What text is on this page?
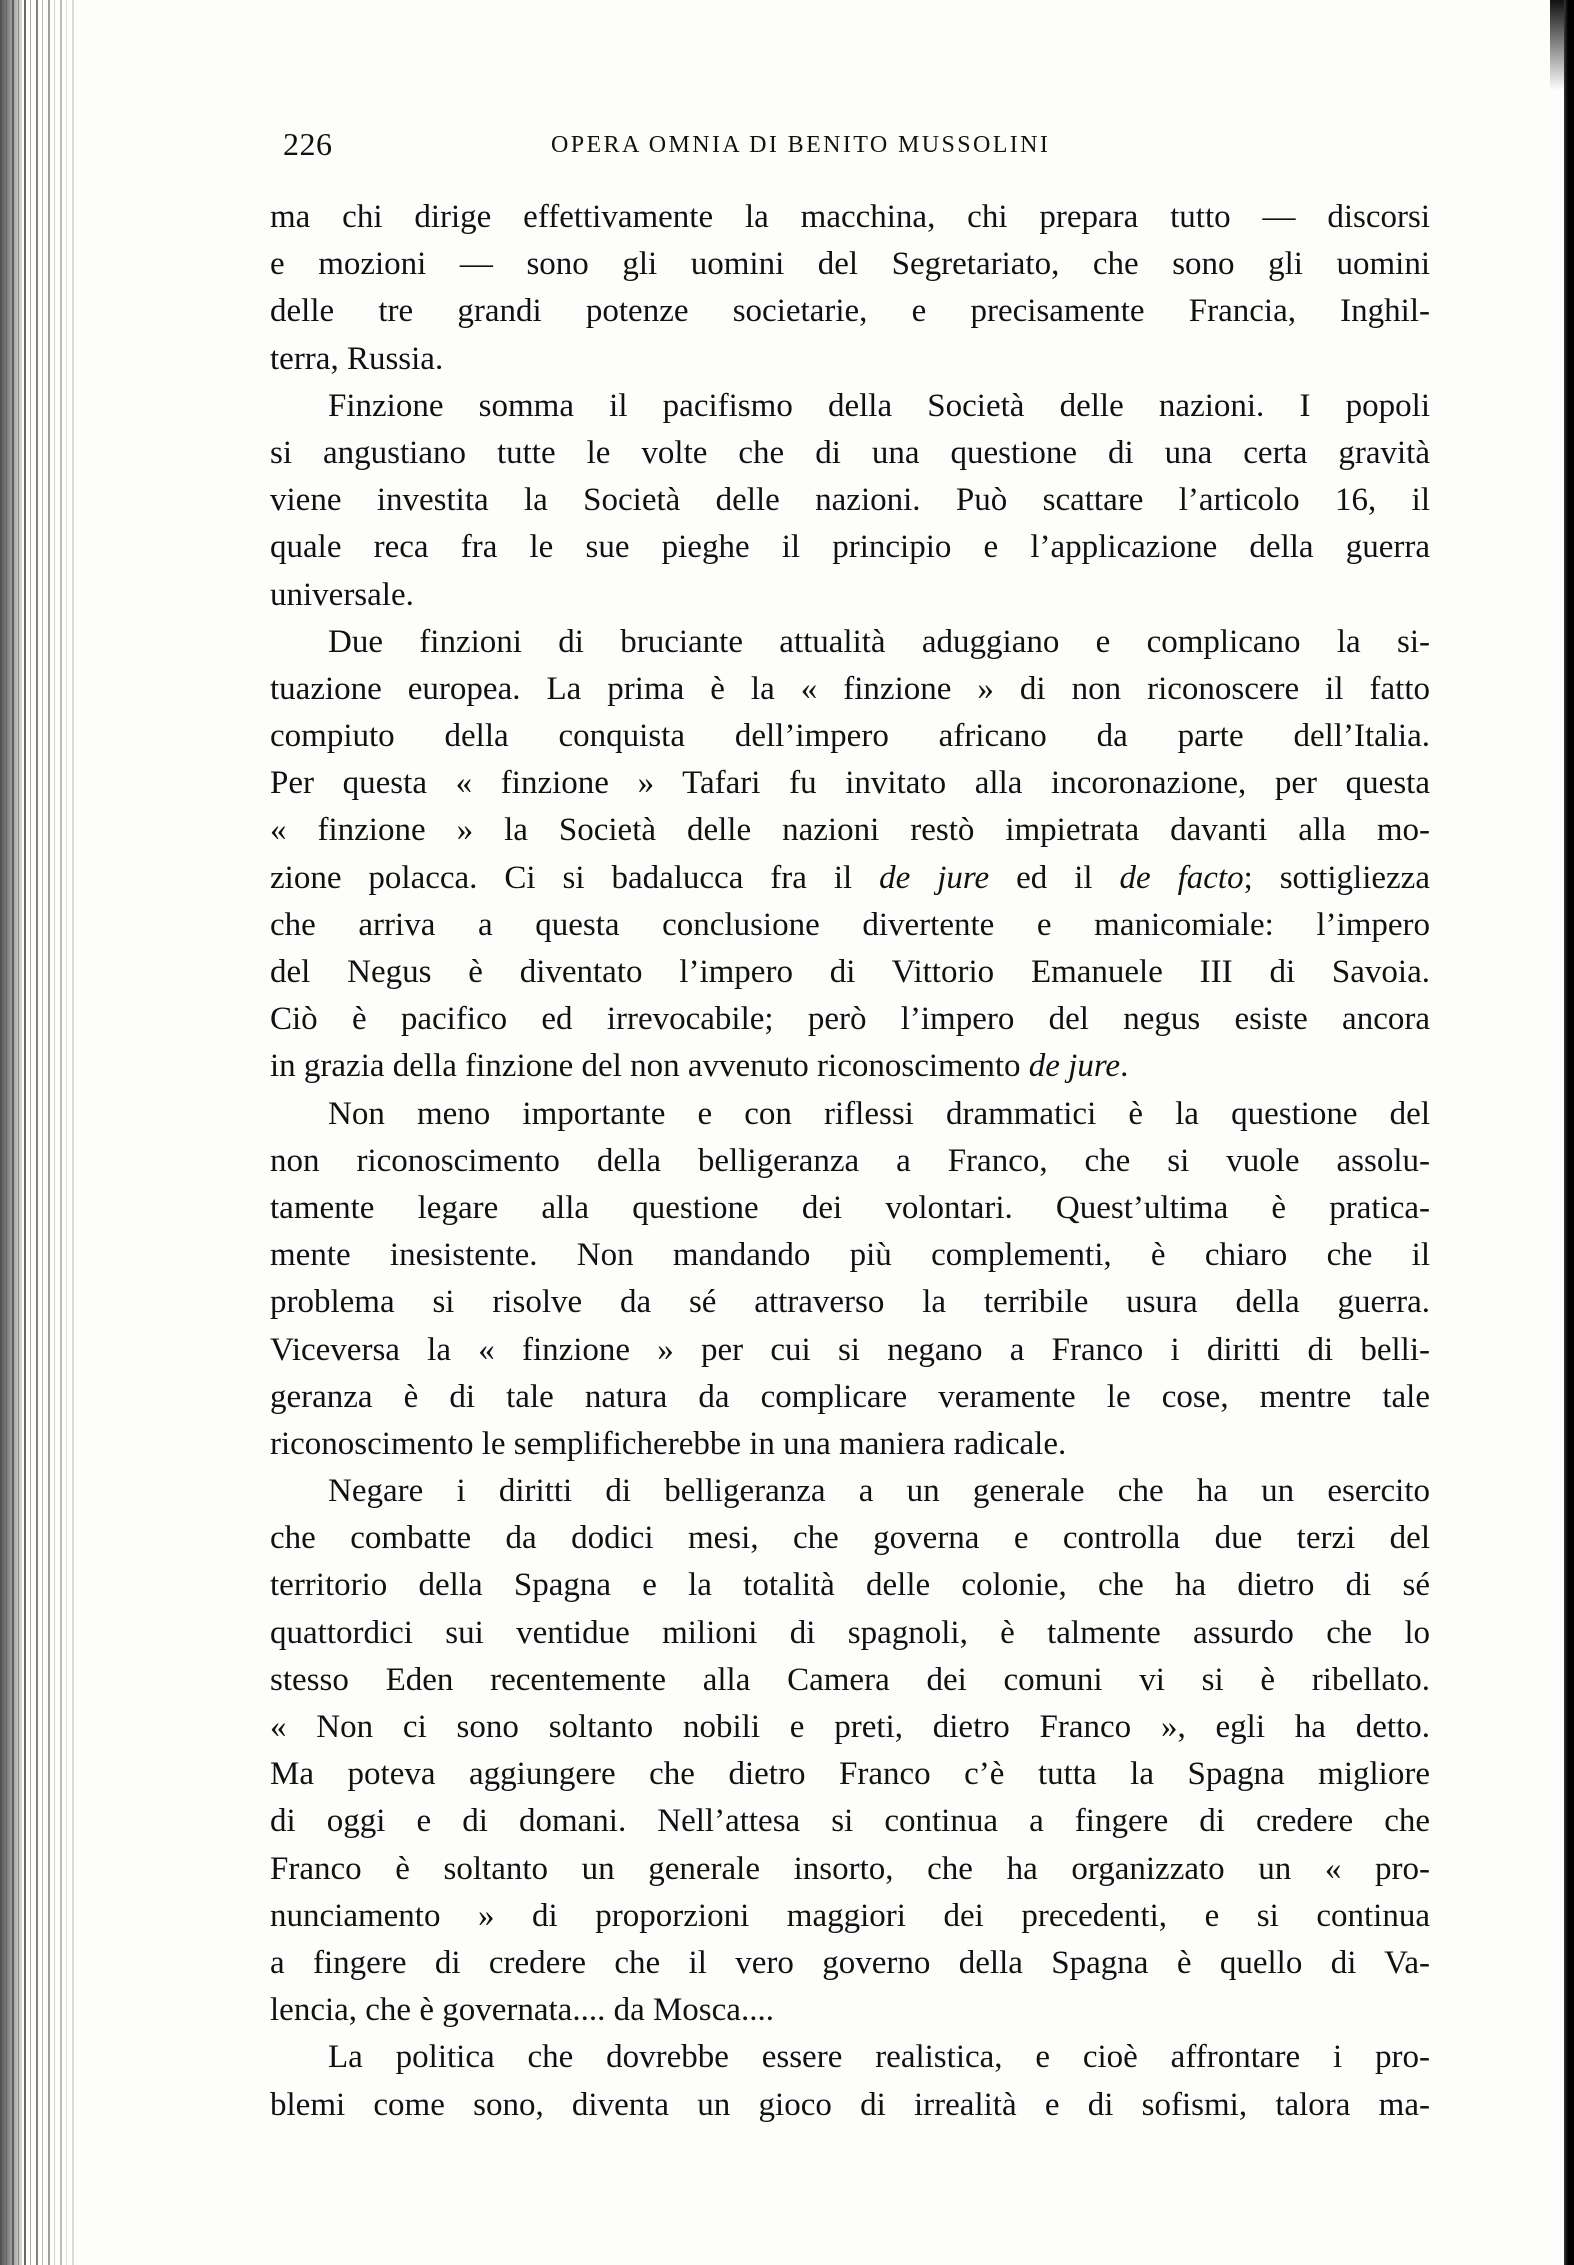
226	OPERA OMNIA DI BENITO MUSSOLINI
ma chi dirige effettivamente la macchina, chi prepara tutto — discorsi
e mozioni — sono gli uomini del Segretariato, che sono gli uomini
delle tre grandi potenze societarie, e precisamente Francia, Inghil-
terra, Russia.
Finzione somma il pacifismo della Società delle nazioni. I popoli
si angustiano tutte le volte che di una questione di una certa gravità
viene investita la Società delle nazioni. Può scattare l’articolo 16, il
quale reca fra le sue pieghe il principio e l’applicazione della guerra
universale.
Due finzioni di bruciante attualità aduggiano e complicano la si-
tuazione europea. La prima è la « finzione » di non riconoscere il fatto
compiuto della conquista dell’impero africano da parte dell’Italia.
Per questa « finzione » Tafari fu invitato alla incoronazione, per questa
« finzione » la Società delle nazioni restò impietrata davanti alla mo-
zione polacca. Ci si badalucca fra il de jure ed il de facto; sottigliezza
che arriva a questa conclusione divertente e manicomiale: l’impero
del Negus è diventato l’impero di Vittorio Emanuele III di Savoia.
Ciò è pacifico ed irrevocabile; però l’impero del negus esiste ancora
in grazia della finzione del non avvenuto riconoscimento de jure.
Non meno importante e con riflessi drammatici è la questione del
non riconoscimento della belligeranza a Franco, che si vuole assolu-
tamente legare alla questione dei volontari. Quest’ultima è pratica-
mente inesistente. Non mandando più complementi, è chiaro che il
problema si risolve da sé attraverso la terribile usura della guerra.
Viceversa la « finzione » per cui si negano a Franco i diritti di belli-
geranza è di tale natura da complicare veramente le cose, mentre tale
riconoscimento le semplificherebbe in una maniera radicale.
Negare i diritti di belligeranza a un generale che ha un esercito
che combatte da dodici mesi, che governa e controlla due terzi del
territorio della Spagna e la totalità delle colonie, che ha dietro di sé
quattordici sui ventidue milioni di spagnoli, è talmente assurdo che lo
stesso Eden recentemente alla Camera dei comuni vi si è ribellato.
« Non ci sono soltanto nobili e preti, dietro Franco », egli ha detto.
Ma poteva aggiungere che dietro Franco c’è tutta la Spagna migliore
di oggi e di domani. Nell’attesa si continua a fingere di credere che
Franco è soltanto un generale insorto, che ha organizzato un « pro-
nunciamento » di proporzioni maggiori dei precedenti, e si continua
a fingere di credere che il vero governo della Spagna è quello di Va-
lencia, che è governata.... da Mosca....
La politica che dovrebbe essere realistica, e cioè affrontare i pro-
blemi come sono, diventa un gioco di irrealità e di sofismi, talora ma-
